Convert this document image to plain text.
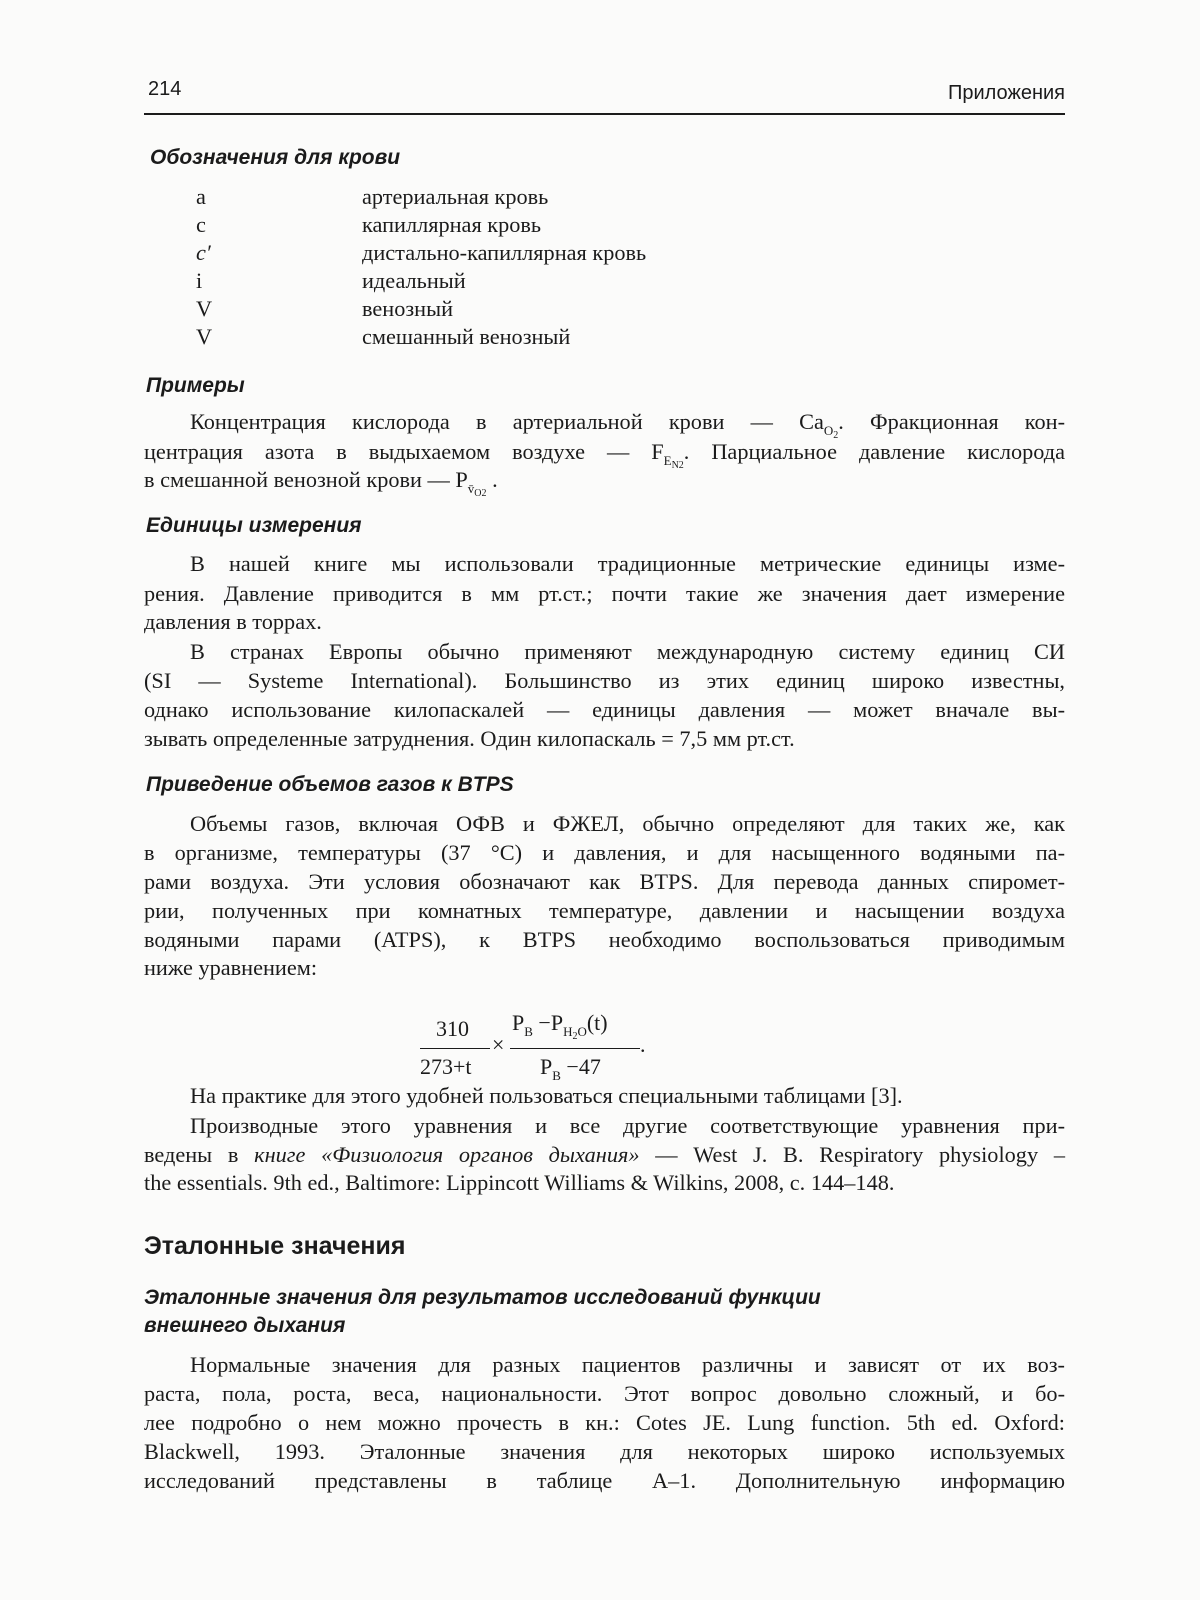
214	Приложения
Обозначения для крови
a	артериальная кровь
c	капиллярная кровь
c′	дистально-капиллярная кровь
i	идеальный
V	венозный
V	смешанный венозный
Примеры
Концентрация кислорода в артериальной крови — $Ca_{O_2}$. Фракционная кон-
центрация азота в выдыхаемом воздухе — $F_{E_{N2}}$. Парциальное давление кислорода
в смешанной венозной крови — $P_{v̄_{O2}}$ .
Единицы измерения
В нашей книге мы использовали традиционные метрические единицы изме-
рения. Давление приводится в мм рт.ст.; почти такие же значения дает измерение
давления в торрах.
В странах Европы обычно применяют международную систему единиц СИ
(SI — Systeme International). Большинство из этих единиц широко известны,
однако использование килопаскалей — единицы давления — может вначале вы-
зывать определенные затруднения. Один килопаскаль = 7,5 мм рт.ст.
Приведение объемов газов к BTPS
Объемы газов, включая ОФВ и ФЖЕЛ, обычно определяют для таких же, как
в организме, температуры (37 °C) и давления, и для насыщенного водяными па-
рами воздуха. Эти условия обозначают как BTPS. Для перевода данных спиромет-
рии, полученных при комнатных температуре, давлении и насыщении воздуха
водяными парами (ATPS), к BTPS необходимо воспользоваться приводимым
ниже уравнением:
310
273+t
×
$P_B -P_{H_2O}(t)$
$P_B -47$
.
На практике для этого удобней пользоваться специальными таблицами [3].
Производные этого уравнения и все другие соответствующие уравнения при-
ведены в книге «Физиология органов дыхания» — West J. B. Respiratory physiology –
the essentials. 9th ed., Baltimore: Lippincott Williams & Wilkins, 2008, с. 144–148.
Эталонные значения
Эталонные значения для результатов исследований функции
внешнего дыхания
Нормальные значения для разных пациентов различны и зависят от их воз-
раста, пола, роста, веса, национальности. Этот вопрос довольно сложный, и бо-
лее подробно о нем можно прочесть в кн.: Cotes JE. Lung function. 5th ed. Oxford:
Blackwell, 1993. Эталонные значения для некоторых широко используемых
исследований представлены в таблице А–1. Дополнительную информацию
